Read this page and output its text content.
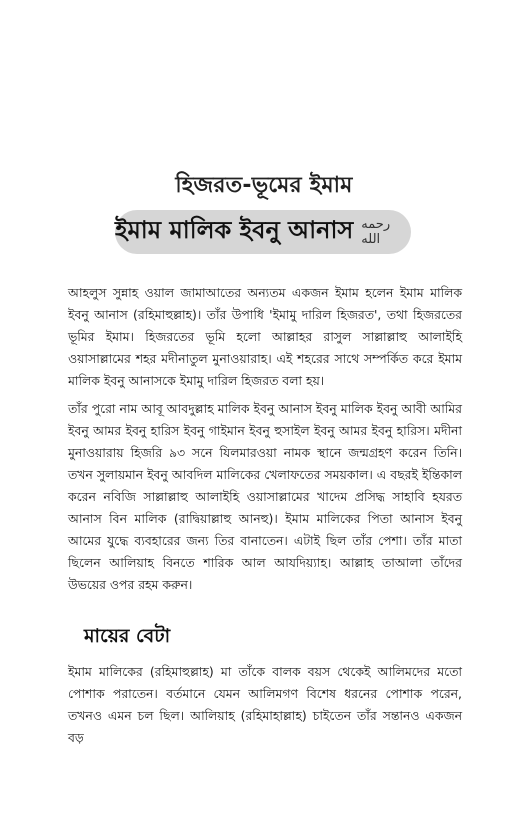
হিজরত-ভূমের ইমাম
ইমাম মালিক ইবনু আনাস رحمه الله

আহলুস সুন্নাহ ওয়াল জামাআতের অন্যতম একজন ইমাম হলেন ইমাম মালিক ইবনু আনাস (রহিমাহুল্লাহ)। তাঁর উপাধি 'ইমামু দারিল হিজরত', তথা হিজরতের ভূমির ইমাম। হিজরতের ভূমি হলো আল্লাহর রাসুল সাল্লাল্লাহু আলাইহি ওয়াসাল্লামের শহর মদীনাতুল মুনাওয়ারাহ। এই শহরের সাথে সম্পর্কিত করে ইমাম মালিক ইবনু আনাসকে ইমামু দারিল হিজরত বলা হয়।

তাঁর পুরো নাম আবূ আবদুল্লাহ মালিক ইবনু আনাস ইবনু মালিক ইবনু আবী আমির ইবনু আমর ইবনু হারিস ইবনু গাইমান ইবনু হুসাইল ইবনু আমর ইবনু হারিস। মদীনা মুনাওয়ারায় হিজরি ৯৩ সনে যিলমারওয়া নামক স্থানে জন্মগ্রহণ করেন তিনি। তখন সুলায়মান ইবনু আবদিল মালিকের খেলাফতের সময়কাল। এ বছরই ইন্তিকাল করেন নবিজি সাল্লাল্লাহু আলাইহি ওয়াসাল্লামের খাদেম প্রসিদ্ধ সাহাবি হযরত আনাস বিন মালিক (রাদ্বিয়াল্লাহু আনহু)। ইমাম মালিকের পিতা আনাস ইবনু আমের যুদ্ধে ব্যবহারের জন্য তির বানাতেন। এটাই ছিল তাঁর পেশা। তাঁর মাতা ছিলেন আলিয়াহ বিনতে শারিক আল আযদিয়্যাহ। আল্লাহ তাআলা তাঁদের উভয়ের ওপর রহম করুন।

মায়ের বেটা

ইমাম মালিকের (রহিমাহুল্লাহ) মা তাঁকে বালক বয়স থেকেই আলিমদের মতো পোশাক পরাতেন। বর্তমানে যেমন আলিমগণ বিশেষ ধরনের পোশাক পরেন, তখনও এমন চল ছিল। আলিয়াহ (রহিমাহাল্লাহ) চাইতেন তাঁর সন্তানও একজন বড়
